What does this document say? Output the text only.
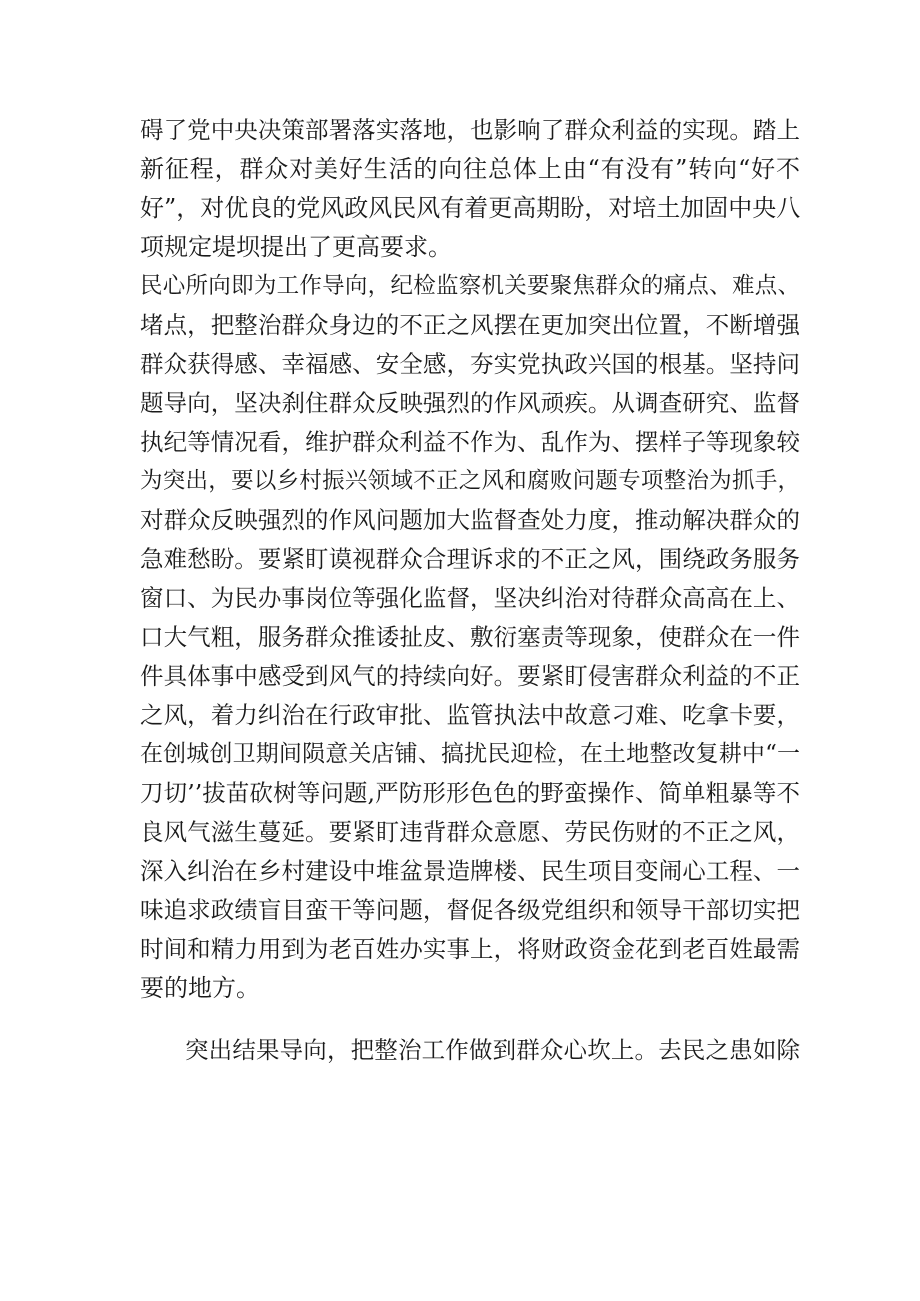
碍了党中央决策部署落实落地，也影响了群众利益的实现。踏上
新征程，群众对美好生活的向往总体上由“有没有”转向“好不
好”，对优良的党风政风民风有着更高期盼，对培土加固中央八
项规定堤坝提出了更高要求。
民心所向即为工作导向，纪检监察机关要聚焦群众的痛点、难点、
堵点，把整治群众身边的不正之风摆在更加突出位置，不断增强
群众获得感、幸福感、安全感，夯实党执政兴国的根基。坚持问
题导向，坚决刹住群众反映强烈的作风顽疾。从调查研究、监督
执纪等情况看，维护群众利益不作为、乱作为、摆样子等现象较
为突出，要以乡村振兴领域不正之风和腐败问题专项整治为抓手，
对群众反映强烈的作风问题加大监督查处力度，推动解决群众的
急难愁盼。要紧盯谟视群众合理诉求的不正之风，围绕政务服务
窗口、为民办事岗位等强化监督，坚决纠治对待群众高高在上、
口大气粗，服务群众推诿扯皮、敷衍塞责等现象，使群众在一件
件具体事中感受到风气的持续向好。要紧盯侵害群众利益的不正
之风，着力纠治在行政审批、监管执法中故意刁难、吃拿卡要，
在创城创卫期间陨意关店铺、搞扰民迎检，在土地整改复耕中“一
刀切’’拔苗砍树等问题,严防形形色色的野蛮操作、简单粗暴等不
良风气滋生蔓延。要紧盯违背群众意愿、劳民伤财的不正之风，
深入纠治在乡村建设中堆盆景造牌楼、民生项目变闹心工程、一
味追求政绩盲目蛮干等问题，督促各级党组织和领导干部切实把
时间和精力用到为老百姓办实事上，将财政资金花到老百姓最需
要的地方。
突出结果导向，把整治工作做到群众心坎上。去民之患如除
